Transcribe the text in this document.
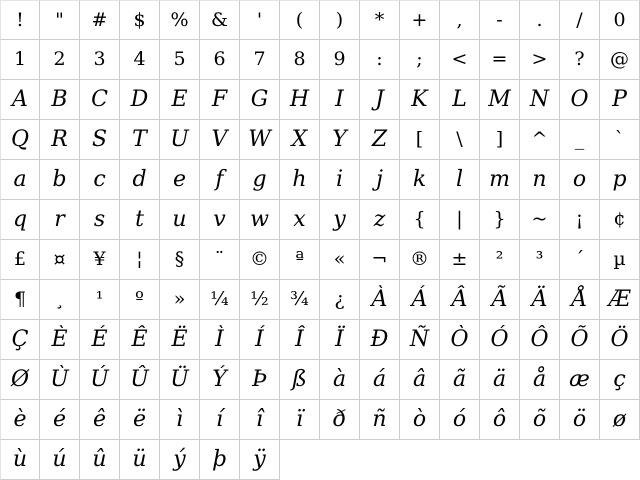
! " # $ % & ' ( ) * + , - . / 0
1 2 3 4 5 6 7 8 9 : ; < = > ? @
A B C D E F G H I J K L M N O P
Q R S T U V W X Y Z [ \ ] ^ _ `
a b c d e f g h i j k l m n o p
q r s t u v w x y z { | } ~ ¡ ¢
£ ¤ ¥ ¦ § ¨ © ª « ¬ ® ± ² ³ ´ µ
¶ ¸ ¹ º » ¼ ½ ¾ ¿ À Á Â Ã Ä Å Æ
Ç È É Ê Ë Ì Í Î Ï Ð Ñ Ò Ó Ô Õ Ö
Ø Ù Ú Û Ü Ý Þ ß à á â ã ä å æ ç
è é ê ë ì í î ï ð ñ ò ó ô õ ö ø
ù ú û ü ý þ ÿ
